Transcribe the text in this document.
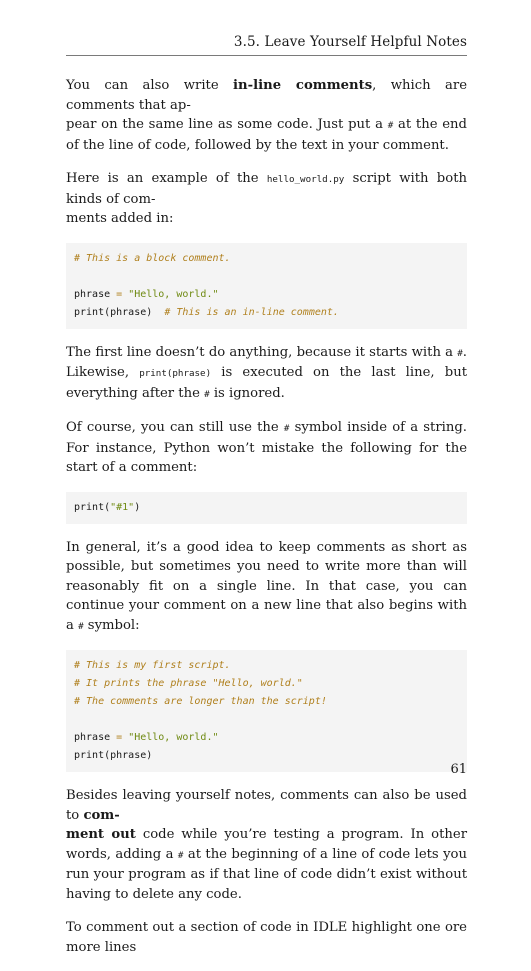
3.5. Leave Yourself Helpful Notes

You can also write in-line comments, which are comments that ap-
pear on the same line as some code. Just put a # at the end of the line of code, followed by the text in your comment.

Here is an example of the hello_world.py script with both kinds of com-
ments added in:

# This is a block comment.
phrase = "Hello, world."
print(phrase) # This is an in-line comment.

The first line doesn’t do anything, because it starts with a #. Likewise, print(phrase) is executed on the last line, but everything after the # is ignored.

Of course, you can still use the # symbol inside of a string. For instance, Python won’t mistake the following for the start of a comment:

print("#1")

In general, it’s a good idea to keep comments as short as possible, but sometimes you need to write more than will reasonably fit on a single line. In that case, you can continue your comment on a new line that also begins with a # symbol:

# This is my first script.
# It prints the phrase "Hello, world."
# The comments are longer than the script!
phrase = "Hello, world."
print(phrase)

Besides leaving yourself notes, comments can also be used to com-
ment out code while you’re testing a program. In other words, adding a # at the beginning of a line of code lets you run your program as if that line of code didn’t exist without having to delete any code.

To comment out a section of code in IDLE highlight one ore more lines

61
